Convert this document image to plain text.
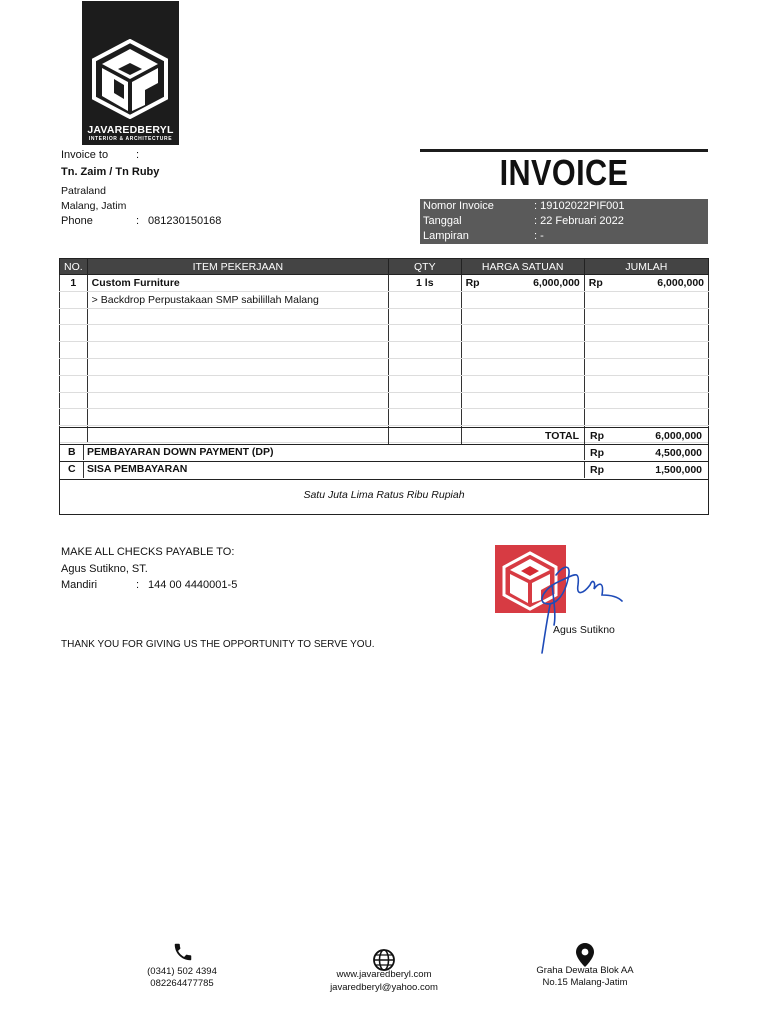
JAVAREDBERYL
INTERIOR & ARCHITECTURE
Invoice to	:
Tn. Zaim / Tn Ruby
Patraland
Malang, Jatim
Phone	: 081230150168
INVOICE
Nomor Invoice	: 19102022PIF001
Tanggal	: 22 Februari 2022
Lampiran	: -
NO.	ITEM PEKERJAAN	QTY	HARGA SATUAN	JUMLAH
1	Custom Furniture	1 ls	Rp 6,000,000	Rp 6,000,000

	> Backdrop Perpustakaan SMP sabilillah Malang			

TOTAL Rp	6,000,000
B PEMBAYARAN DOWN PAYMENT (DP)	Rp	4,500,000
C SISA PEMBAYARAN	Rp	1,500,000
Satu Juta Lima Ratus Ribu Rupiah
MAKE ALL CHECKS PAYABLE TO:
Agus Sutikno, ST.
Mandiri	: 144 00 4440001-5
THANK YOU FOR GIVING US THE OPPORTUNITY TO SERVE YOU.
Agus Sutikno
(0341) 502 4394
082264477785
www.javaredberyl.com
javaredberyl@yahoo.com
Graha Dewata Blok AA
No.15 Malang-Jatim
